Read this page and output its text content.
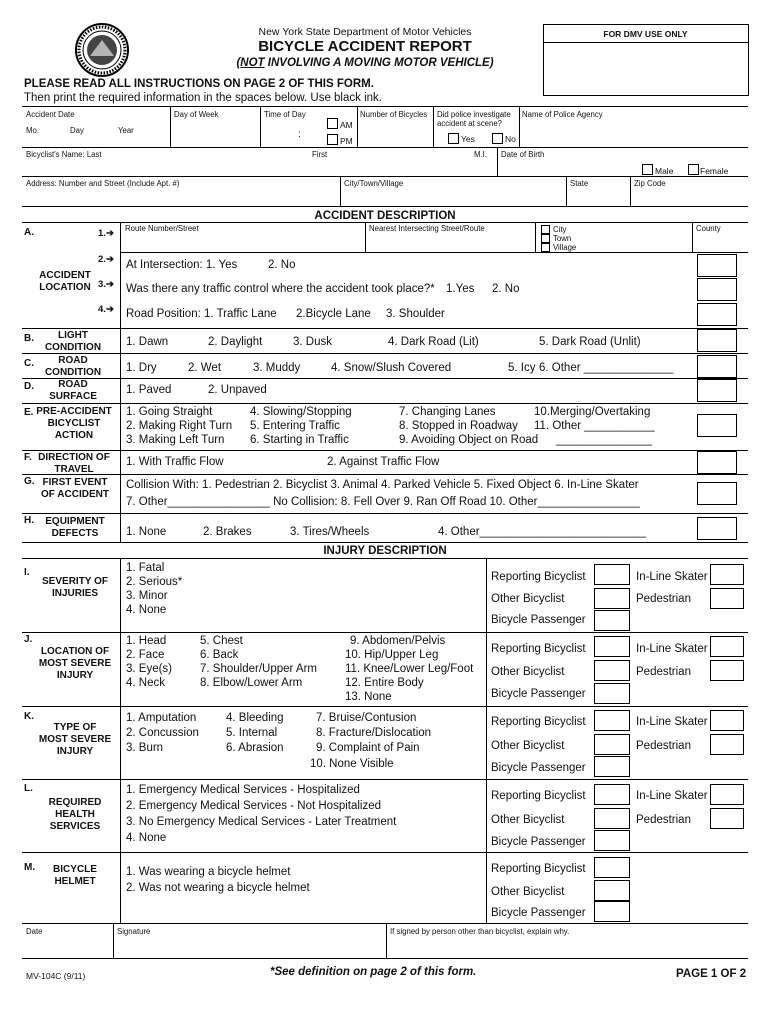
New York State Department of Motor Vehicles
BICYCLE ACCIDENT REPORT
(NOT INVOLVING A MOVING MOTOR VEHICLE)
FOR DMV USE ONLY
PLEASE READ ALL INSTRUCTIONS ON PAGE 2 OF THIS FORM.
Then print the required information in the spaces below. Use black ink.
Accident Date
Mo.	Day	Year
Day of Week	Time of Day
:
AM
PM
Number of Bicycles Did police investigate accident at scene?
Yes	No
Name of Police Agency
Bicyclist's Name: Last	First	M.I. Date of Birth
Male	Female
Address: Number and Street (Include Apt. #)	City/Town/Village	State	Zip Code
ACCIDENT DESCRIPTION
A.	1.➔ Route Number/Street	Nearest Intersecting Street/Route	City
Town
Village
County
2.➔
ACCIDENT LOCATION 3.➔
4.➔
At Intersection: 1. Yes	2. No
Was there any traffic control where the accident took place?* 1.Yes 2. No
Road Position: 1. Traffic Lane 2.Bicycle Lane 3. Shoulder
B.	LIGHT CONDITION	1. Dawn	2. Daylight	3. Dusk	4. Dark Road (Lit)	5. Dark Road (Unlit)
C.	ROAD CONDITION	1. Dry	2. Wet	3. Muddy	4. Snow/Slush Covered	5. Icy 6. Other ______________
D.	ROAD SURFACE
1. Paved	2. Unpaved
E. PRE-ACCIDENT BICYCLIST ACTION
1. Going Straight
2. Making Right Turn
3. Making Left Turn
4. Slowing/Stopping
5. Entering Traffic
6. Starting in Traffic
7. Changing Lanes
8. Stopped in Roadway
9. Avoiding Object on Road
10.Merging/Overtaking
11. Other ___________
_______________
F. DIRECTION OF TRAVEL
1. With Traffic Flow	2. Against Traffic Flow
G. FIRST EVENT OF ACCIDENT
Collision With: 1. Pedestrian 2. Bicyclist 3. Animal 4. Parked Vehicle 5. Fixed Object 6. In-Line Skater
7. Other________________ No Collision: 8. Fell Over 9. Ran Off Road 10. Other________________
H.	EQUIPMENT DEFECTS	1. None	2. Brakes	3. Tires/Wheels	4. Other__________________________
INJURY DESCRIPTION
I.
SEVERITY OF INJURIES
1. Fatal
2. Serious*
3. Minor
4. None
Reporting Bicyclist
Other Bicyclist
Bicycle Passenger
In-Line Skater
Pedestrian
J.
LOCATION OF MOST SEVERE INJURY
1. Head
2. Face
3. Eye(s)
4. Neck
5. Chest
6. Back
7. Shoulder/Upper Arm
8. Elbow/Lower Arm
9. Abdomen/Pelvis
10. Hip/Upper Leg
11. Knee/Lower Leg/Foot
12. Entire Body
13. None
Reporting Bicyclist
Other Bicyclist
Bicycle Passenger
In-Line Skater
Pedestrian
K.
TYPE OF MOST SEVERE INJURY
1. Amputation
2. Concussion
3. Burn
4. Bleeding
5. Internal
6. Abrasion
7. Bruise/Contusion
8. Fracture/Dislocation
9. Complaint of Pain
10. None Visible
Reporting Bicyclist
Other Bicyclist
Bicycle Passenger
In-Line Skater
Pedestrian
L.
REQUIRED HEALTH SERVICES
1. Emergency Medical Services - Hospitalized
2. Emergency Medical Services - Not Hospitalized
3. No Emergency Medical Services - Later Treatment
4. None
Reporting Bicyclist
Other Bicyclist
Bicycle Passenger
In-Line Skater
Pedestrian
M.	BICYCLE HELMET
1. Was wearing a bicycle helmet
2. Was not wearing a bicycle helmet
Reporting Bicyclist
Other Bicyclist
Bicycle Passenger
Date	Signature	If signed by person other than bicyclist, explain why.
MV-104C (9/11)	*See definition on page 2 of this form.	PAGE 1 OF 2
